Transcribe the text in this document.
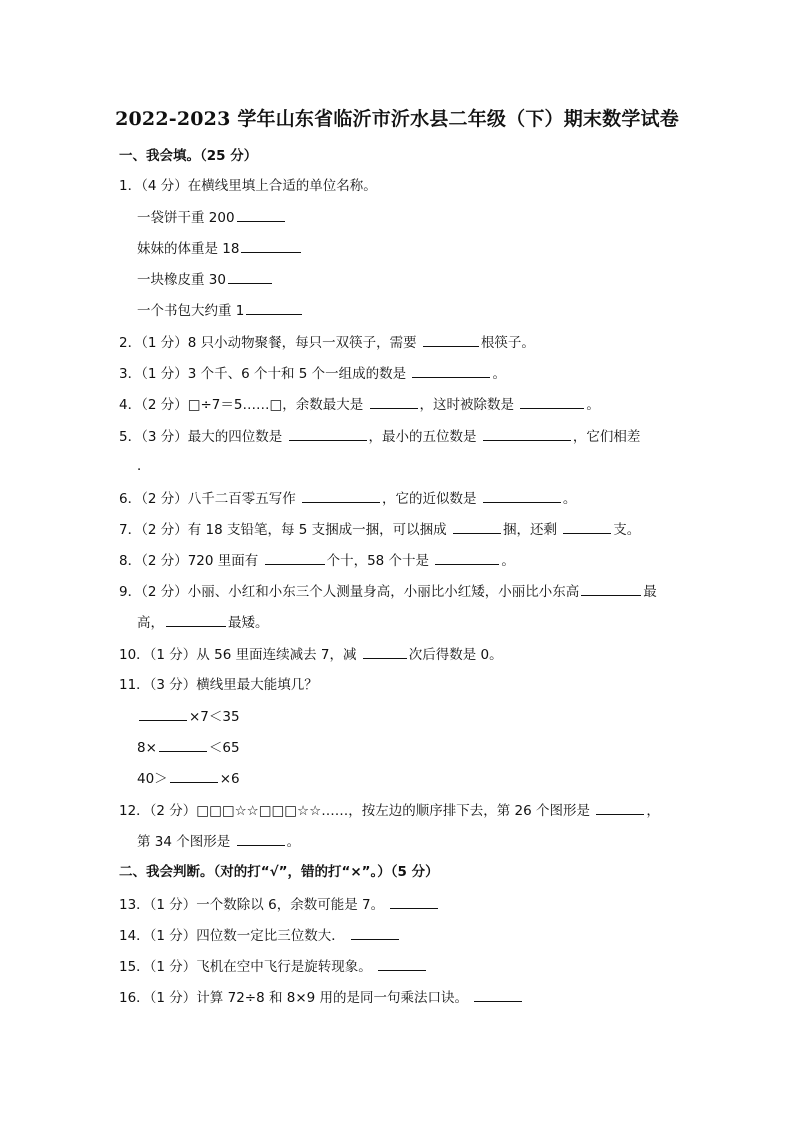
2022-2023 学年山东省临沂市沂水县二年级（下）期末数学试卷
一、我会填。（25 分）
1．（4 分）在横线里填上合适的单位名称。
一袋饼干重 200
妹妹的体重是 18
一块橡皮重 30
一个书包大约重 1
2．（1 分）8 只小动物聚餐，每只一双筷子，需要	根筷子。
3．（1 分）3 个千、6 个十和 5 个一组成的数是	。
4．（2 分）□÷7＝5……□，余数最大是	，这时被除数是	。
5．（3 分）最大的四位数是	，最小的五位数是	，它们相差
．
6．（2 分）八千二百零五写作	，它的近似数是	。
7．（2 分）有 18 支铅笔，每 5 支捆成一捆，可以捆成	捆，还剩	支。
8．（2 分）720 里面有	个十，58 个十是	。
9．（2 分）小丽、小红和小东三个人测量身高，小丽比小红矮，小丽比小东高	最
高，	最矮。
10．（1 分）从 56 里面连续减去 7，减	次后得数是 0。
11．（3 分）横线里最大能填几？
×7＜35
8×	＜65
40＞	×6
12．（2 分）□□□☆☆□□□☆☆……，按左边的顺序排下去，第 26 个图形是	，
第 34 个图形是	。
二、我会判断。（对的打“√”，错的打“×”。）（5 分）
13．（1 分）一个数除以 6，余数可能是 7。
14．（1 分）四位数一定比三位数大．
15．（1 分）飞机在空中飞行是旋转现象。
16．（1 分）计算 72÷8 和 8×9 用的是同一句乘法口诀。
